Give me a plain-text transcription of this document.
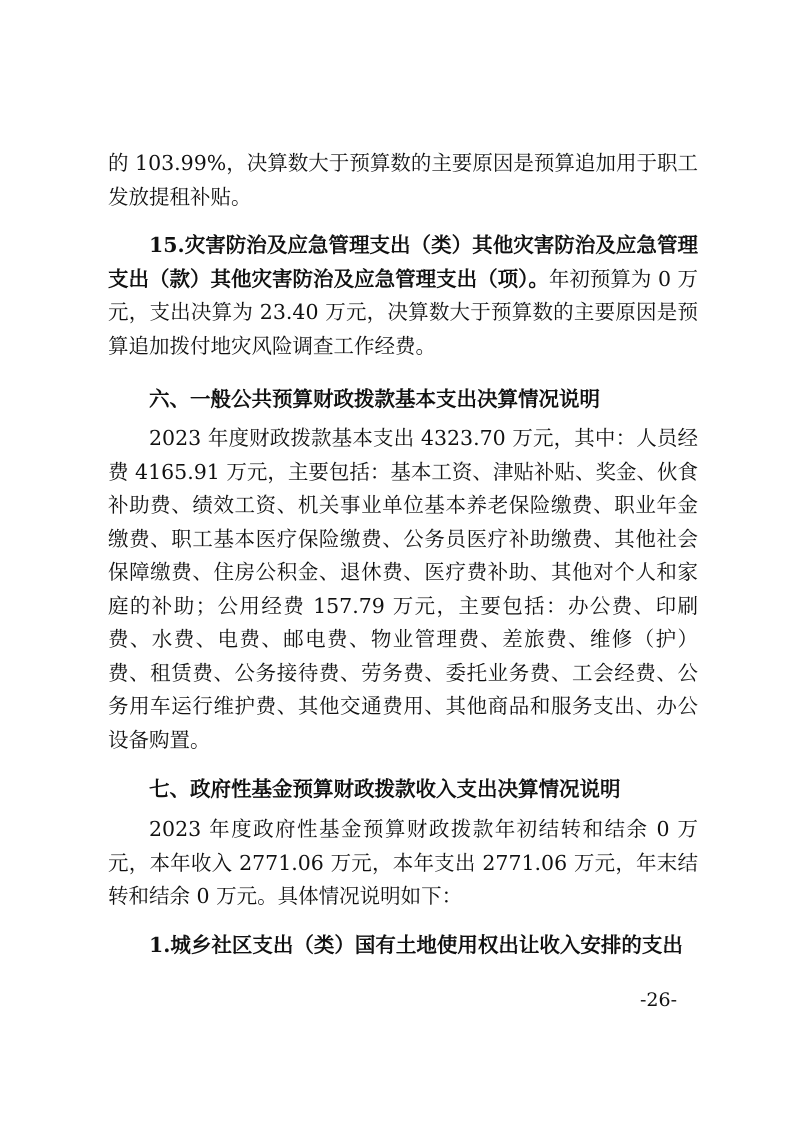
的 103.99%，决算数大于预算数的主要原因是预算追加用于职工发放提租补贴。

15.灾害防治及应急管理支出（类）其他灾害防治及应急管理支出（款）其他灾害防治及应急管理支出（项）。年初预算为 0 万元，支出决算为 23.40 万元，决算数大于预算数的主要原因是预算追加拨付地灾风险调查工作经费。

六、一般公共预算财政拨款基本支出决算情况说明

2023 年度财政拨款基本支出 4323.70 万元，其中：人员经费 4165.91 万元，主要包括：基本工资、津贴补贴、奖金、伙食补助费、绩效工资、机关事业单位基本养老保险缴费、职业年金缴费、职工基本医疗保险缴费、公务员医疗补助缴费、其他社会保障缴费、住房公积金、退休费、医疗费补助、其他对个人和家庭的补助；公用经费 157.79 万元，主要包括：办公费、印刷费、水费、电费、邮电费、物业管理费、差旅费、维修（护）费、租赁费、公务接待费、劳务费、委托业务费、工会经费、公务用车运行维护费、其他交通费用、其他商品和服务支出、办公设备购置。

七、政府性基金预算财政拨款收入支出决算情况说明

2023 年度政府性基金预算财政拨款年初结转和结余 0 万元，本年收入 2771.06 万元，本年支出 2771.06 万元，年末结转和结余 0 万元。具体情况说明如下：

1.城乡社区支出（类）国有土地使用权出让收入安排的支出

-26-
